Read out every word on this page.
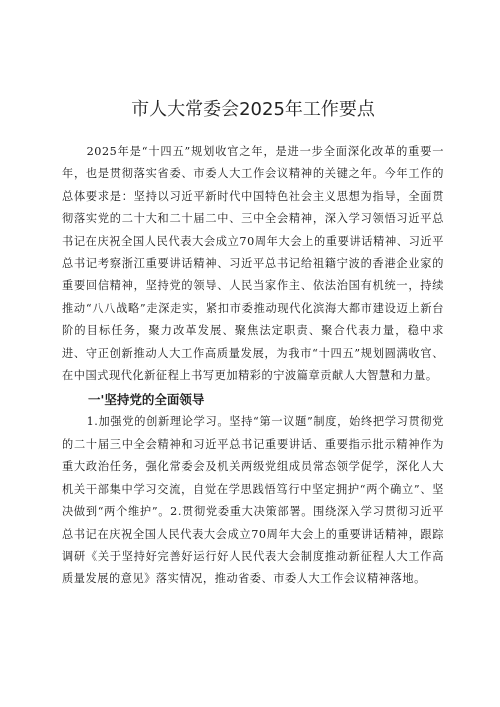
市人大常委会2025年工作要点

2025年是“十四五”规划收官之年，是进一步全面深化改革的重要一年，也是贯彻落实省委、市委人大工作会议精神的关键之年。今年工作的总体要求是：坚持以习近平新时代中国特色社会主义思想为指导，全面贯彻落实党的二十大和二十届二中、三中全会精神，深入学习领悟习近平总书记在庆祝全国人民代表大会成立70周年大会上的重要讲话精神、习近平总书记考察浙江重要讲话精神、习近平总书记给祖籍宁波的香港企业家的重要回信精神，坚持党的领导、人民当家作主、依法治国有机统一，持续推动“八八战略”走深走实，紧扣市委推动现代化滨海大都市建设迈上新台阶的目标任务，聚力改革发展、聚焦法定职责、聚合代表力量，稳中求进、守正创新推动人大工作高质量发展，为我市“十四五”规划圆满收官、在中国式现代化新征程上书写更加精彩的宁波篇章贡献人大智慧和力量。

一'坚持党的全面领导

1.加强党的创新理论学习。坚持“第一议题”制度，始终把学习贯彻党的二十届三中全会精神和习近平总书记重要讲话、重要指示批示精神作为重大政治任务，强化常委会及机关两级党组成员常态领学促学，深化人大机关干部集中学习交流，自觉在学思践悟笃行中坚定拥护“两个确立”、坚决做到“两个维护”。2.贯彻党委重大决策部署。围绕深入学习贯彻习近平总书记在庆祝全国人民代表大会成立70周年大会上的重要讲话精神，跟踪调研《关于坚持好完善好运行好人民代表大会制度推动新征程人大工作高质量发展的意见》落实情况，推动省委、市委人大工作会议精神落地。
